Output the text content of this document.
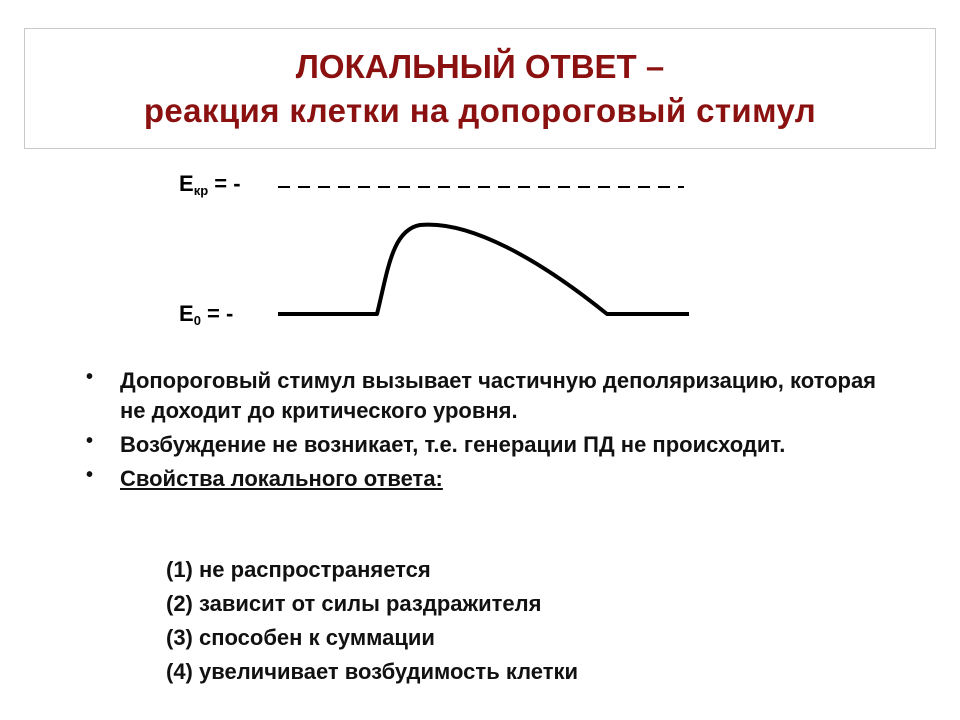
ЛОКАЛЬНЫЙ ОТВЕТ –
реакция клетки на допороговый стимул
$E_{кр}$ = -
$E_0$ = -
• Допороговый стимул вызывает частичную деполяризацию, которая не доходит до критического уровня.
• Возбуждение не возникает, т.е. генерации ПД не происходит.
• Свойства локального ответа:
(1) не распространяется
(2) зависит от силы раздражителя
(3) способен к суммации
(4) увеличивает возбудимость клетки
